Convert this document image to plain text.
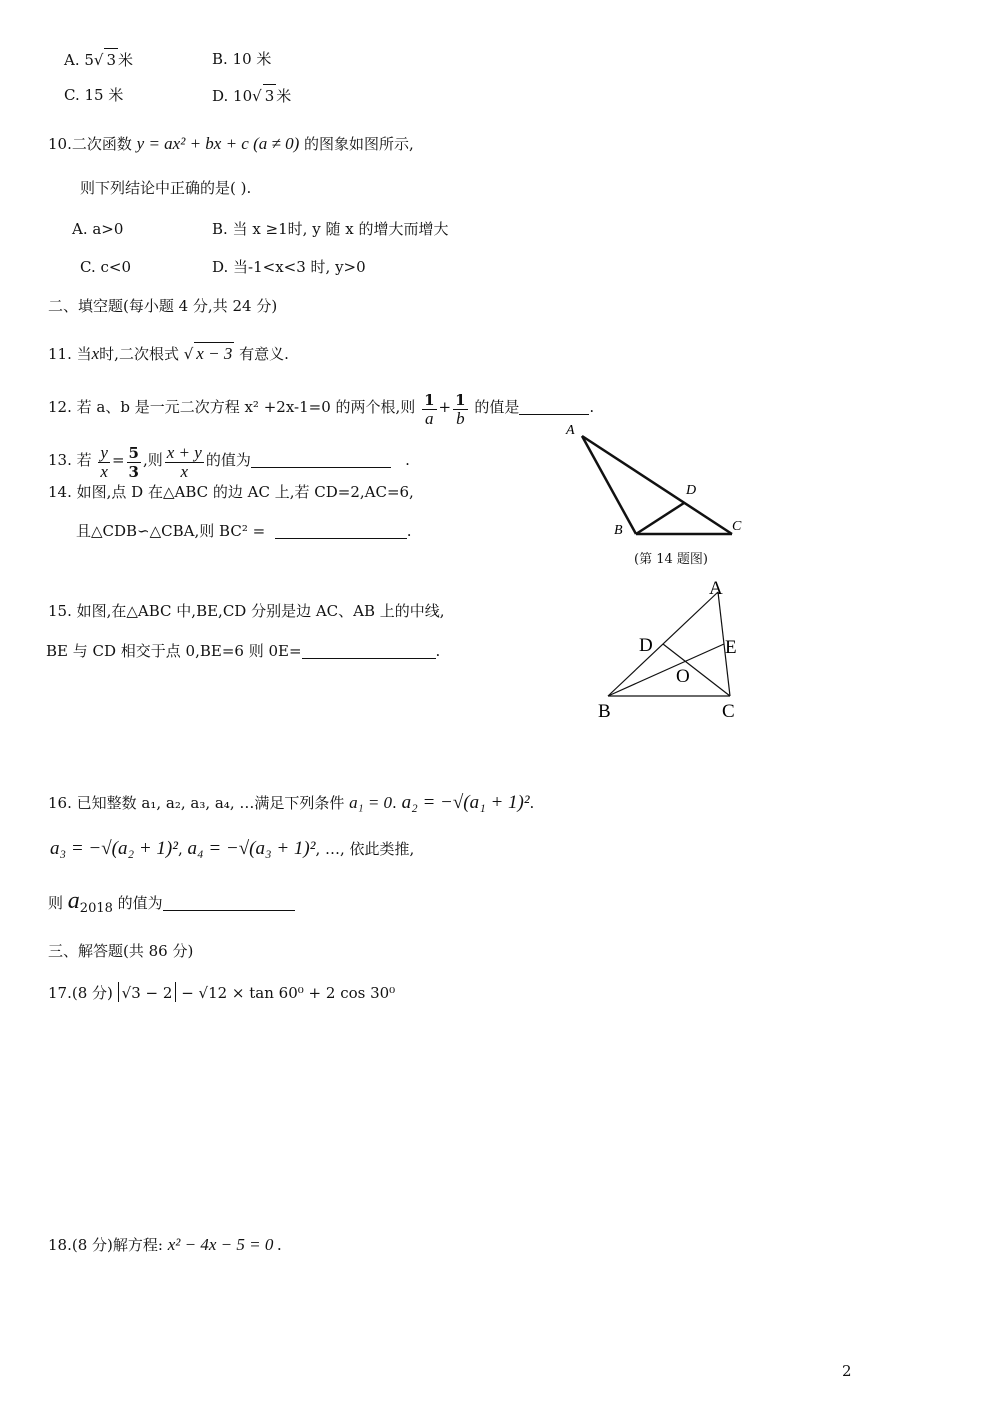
A. 5√ 3 米	B. 10 米
C. 15 米	D. 10√ 3 米
10.二次函数 y = ax² + bx + c (a ≠ 0) 的图象如图所示,
则下列结论中正确的是( ).
A. a>0	B. 当 x ≥1时, y 随 x 的增大而增大
C. c<0	D. 当-1<x<3 时, y>0
二、填空题(每小题 4 分,共 24 分)
11. 当x时,二次根式 √ x − 3 有意义.
12. 若 a、b 是一元二次方程 x² +2x-1=0 的两个根,则 $\frac{1}{a} + \frac{1}{b}$ 的值是	.
13. 若 $\frac{y}{x} = \frac{5}{3}$ ,则 $\frac{x + y}{x}$ 的值为	.
14. 如图,点 D 在△ABC 的边 AC 上,若 CD=2,AC=6,
且△CDB∽△CBA,则 BC² =	.
A
B	C
D
(第 14 题图)
15. 如图,在△ABC 中,BE,CD 分别是边 AC、AB 上的中线,
BE 与 CD 相交于点 0,BE=6 则 0E=	.
A
B	C
D	E
O
16. 已知整数 a₁, a₂, a₃, a₄, …满足下列条件 a₁ = 0. a₂ = −√(a₁ + 1)².
a₃ = −√(a₂ + 1)², a₄ = −√(a₃ + 1)², …, 依此类推,
则 a2018 的值为
三、解答题(共 86 分)
17.(8 分) √3 − 2 − √12 × tan 60⁰ + 2 cos 30⁰
18.(8 分)解方程: x² − 4x − 5 = 0 .
2
